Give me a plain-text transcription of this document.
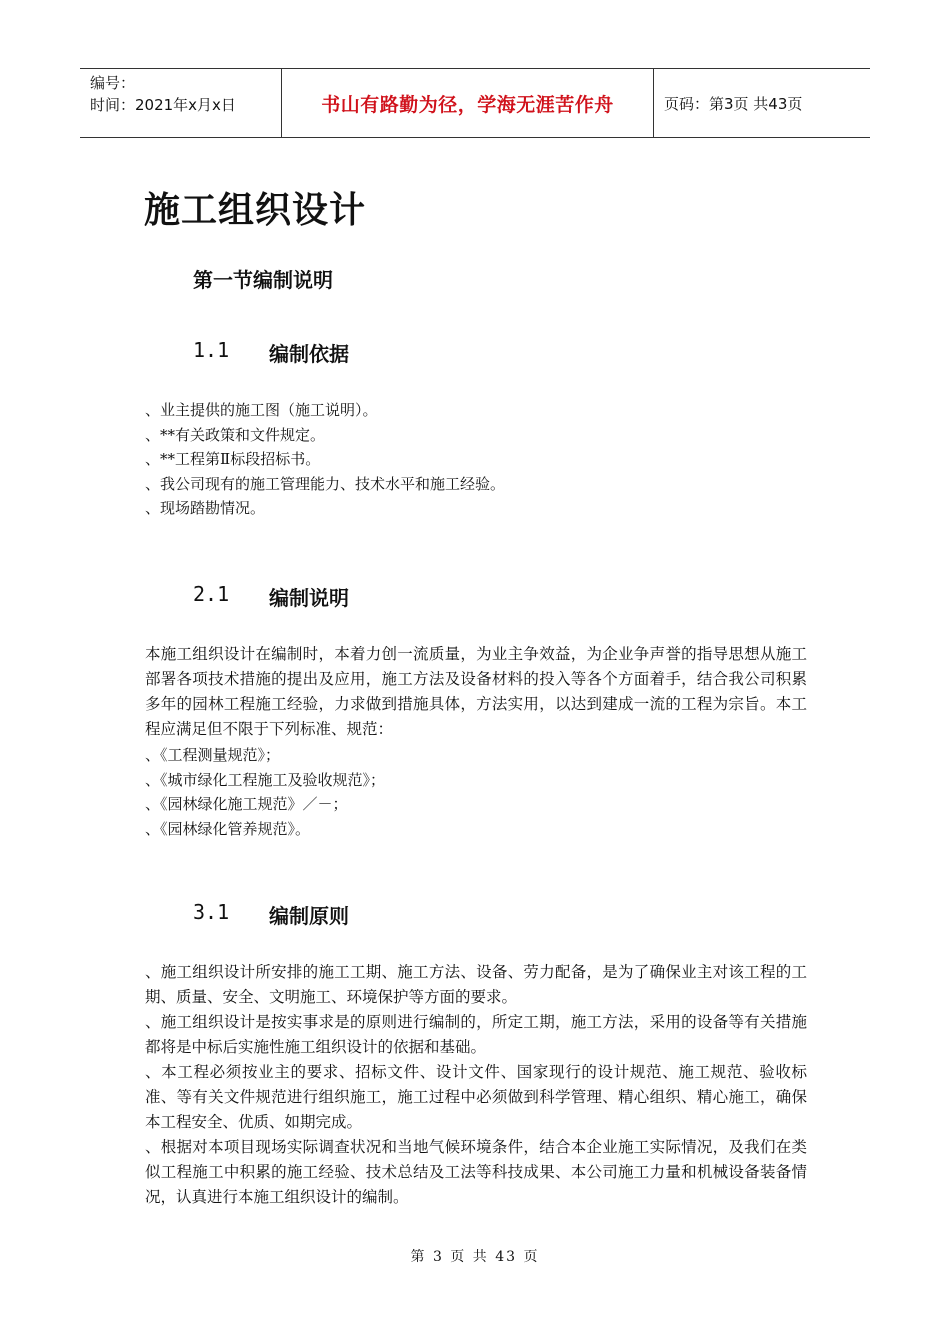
编号：
时间：2021年x月x日	书山有路勤为径，学海无涯苦作舟	页码：第3页 共43页
施工组织设计
第一节编制说明
1.1	编制依据
、业主提供的施工图（施工说明）。
、**有关政策和文件规定。
、**工程第Ⅱ标段招标书。
、我公司现有的施工管理能力、技术水平和施工经验。
、现场踏勘情况。
2.1	编制说明

本施工组织设计在编制时，本着力创一流质量，为业主争效益，为企业争声誉的指导思想从施工部署各项技术措施的提出及应用，施工方法及设备材料的投入等各个方面着手，结合我公司积累多年的园林工程施工经验，力求做到措施具体，方法实用，以达到建成一流的工程为宗旨。本工程应满足但不限于下列标准、规范：

、《工程测量规范》；
、《城市绿化工程施工及验收规范》；
、《园林绿化施工规范》／－；
、《园林绿化管养规范》。
3.1	编制原则

、施工组织设计所安排的施工工期、施工方法、设备、劳力配备，是为了确保业主对该工程的工期、质量、安全、文明施工、环境保护等方面的要求。

、施工组织设计是按实事求是的原则进行编制的，所定工期，施工方法，采用的设备等有关措施都将是中标后实施性施工组织设计的依据和基础。

、本工程必须按业主的要求、招标文件、设计文件、国家现行的设计规范、施工规范、验收标准、等有关文件规范进行组织施工，施工过程中必须做到科学管理、精心组织、精心施工，确保本工程安全、优质、如期完成。

、根据对本项目现场实际调查状况和当地气候环境条件，结合本企业施工实际情况，及我们在类似工程施工中积累的施工经验、技术总结及工法等科技成果、本公司施工力量和机械设备装备情况，认真进行本施工组织设计的编制。

第 3 页 共 43 页
